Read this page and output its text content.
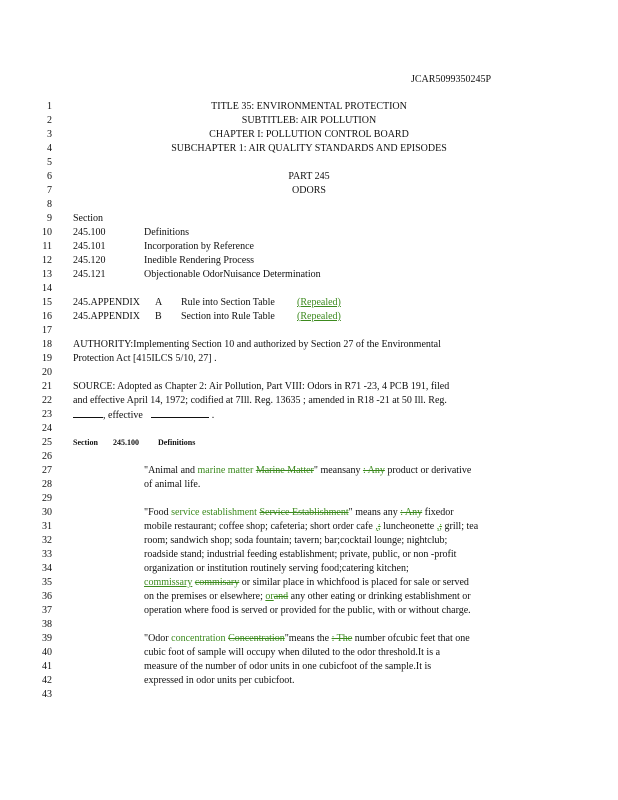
JCAR5099350245P
1
2
3
4
5
6
7
8
9
10
11
12
13
14
15
16
17
18
19
20
21
22
23
24
25
26
27
28
29
30
31
32
33
34
35
36
37
38
39
40
41
42
43
TITLE 35: ENVIRONMENTAL PROTECTION
SUBTITLEB: AIR POLLUTION
CHAPTER I: POLLUTION CONTROL BOARD
SUBCHAPTER 1: AIR QUALITY STANDARDS AND EPISODES
PART 245
ODORS
Section
245.100	Definitions
245.101	Incorporation by Reference
245.120	Inedible Rendering Process
245.121	Objectionable OdorNuisance Determination
245.APPENDIX A Rule into Section Table (Repealed)
245.APPENDIX B Section into Rule Table (Repealed)
AUTHORITY:Implementing Section 10 and authorized by Section 27 of the Environmental
Protection Act [415ILCS 5/10, 27] .
SOURCE: Adopted as Chapter 2: Air Pollution, Part VIII: Odors in R71 -23, 4 PCB 191, filed
and effective April 14, 1972; codified at 7Ill. Reg. 13635 ; amended in R18 -21 at 50 Ill. Reg.
, effective	.
Section 245.100 Definitions
"Animal and marine matter Marine Matter" meansany : Any product or derivative
of animal life.
"Food service establishment Service Establishment" means any : Any fixedor
mobile restaurant; coffee shop; cafeteria; short order cafe ,; luncheonette ,; grill; tea
room; sandwich shop; soda fountain; tavern; bar;cocktail lounge; nightclub;
roadside stand; industrial feeding establishment; private, public, or non -profit
organization or institution routinely serving food;catering kitchen;
commissary commisary or similar place in whichfood is placed for sale or served
on the premises or elsewhere; orand any other eating or drinking establishment or
operation where food is served or provided for the public, with or without charge.
"Odor concentration Concentration"means the : The number ofcubic feet that one
cubic foot of sample will occupy when diluted to the odor threshold.It is a
measure of the number of odor units in one cubicfoot of the sample.It is
expressed in odor units per cubicfoot.
